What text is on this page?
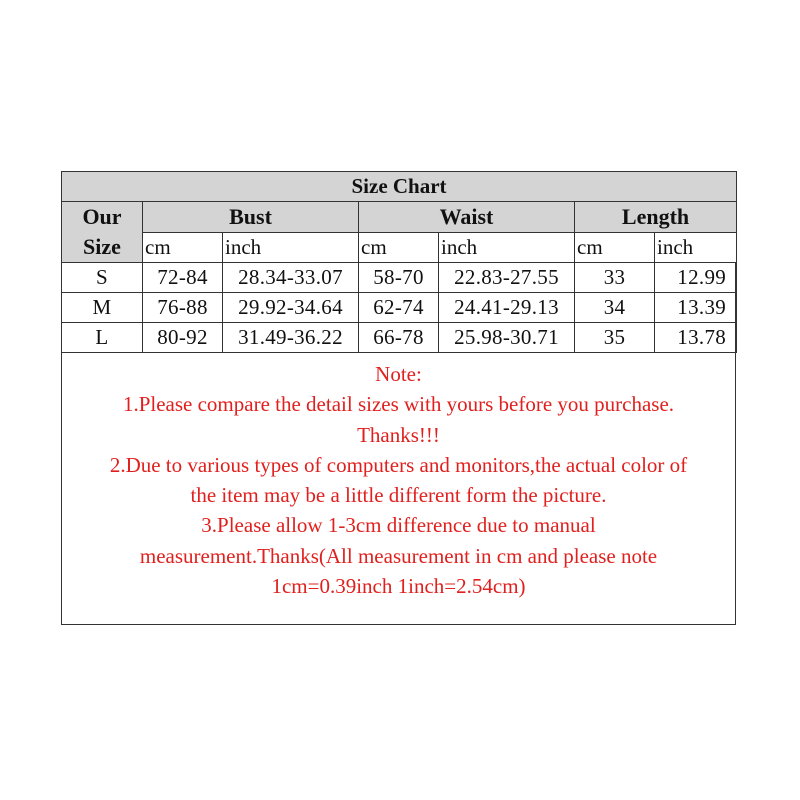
Size Chart						
Our
Size	Bust		Waist		Length	
	cm	inch	cm	inch	cm	inch
S	72-84	28.34-33.07	58-70	22.83-27.55	33	12.99
M	76-88	29.92-34.64	62-74	24.41-29.13	34	13.39
L	80-92	31.49-36.22	66-78	25.98-30.71	35	13.78
Note:
1.Please compare the detail sizes with yours before you purchase.
Thanks!!!
2.Due to various types of computers and monitors,the actual color of
the item may be a little different form the picture.
3.Please allow 1-3cm difference due to manual
measurement.Thanks(All measurement in cm and please note
1cm=0.39inch 1inch=2.54cm)
